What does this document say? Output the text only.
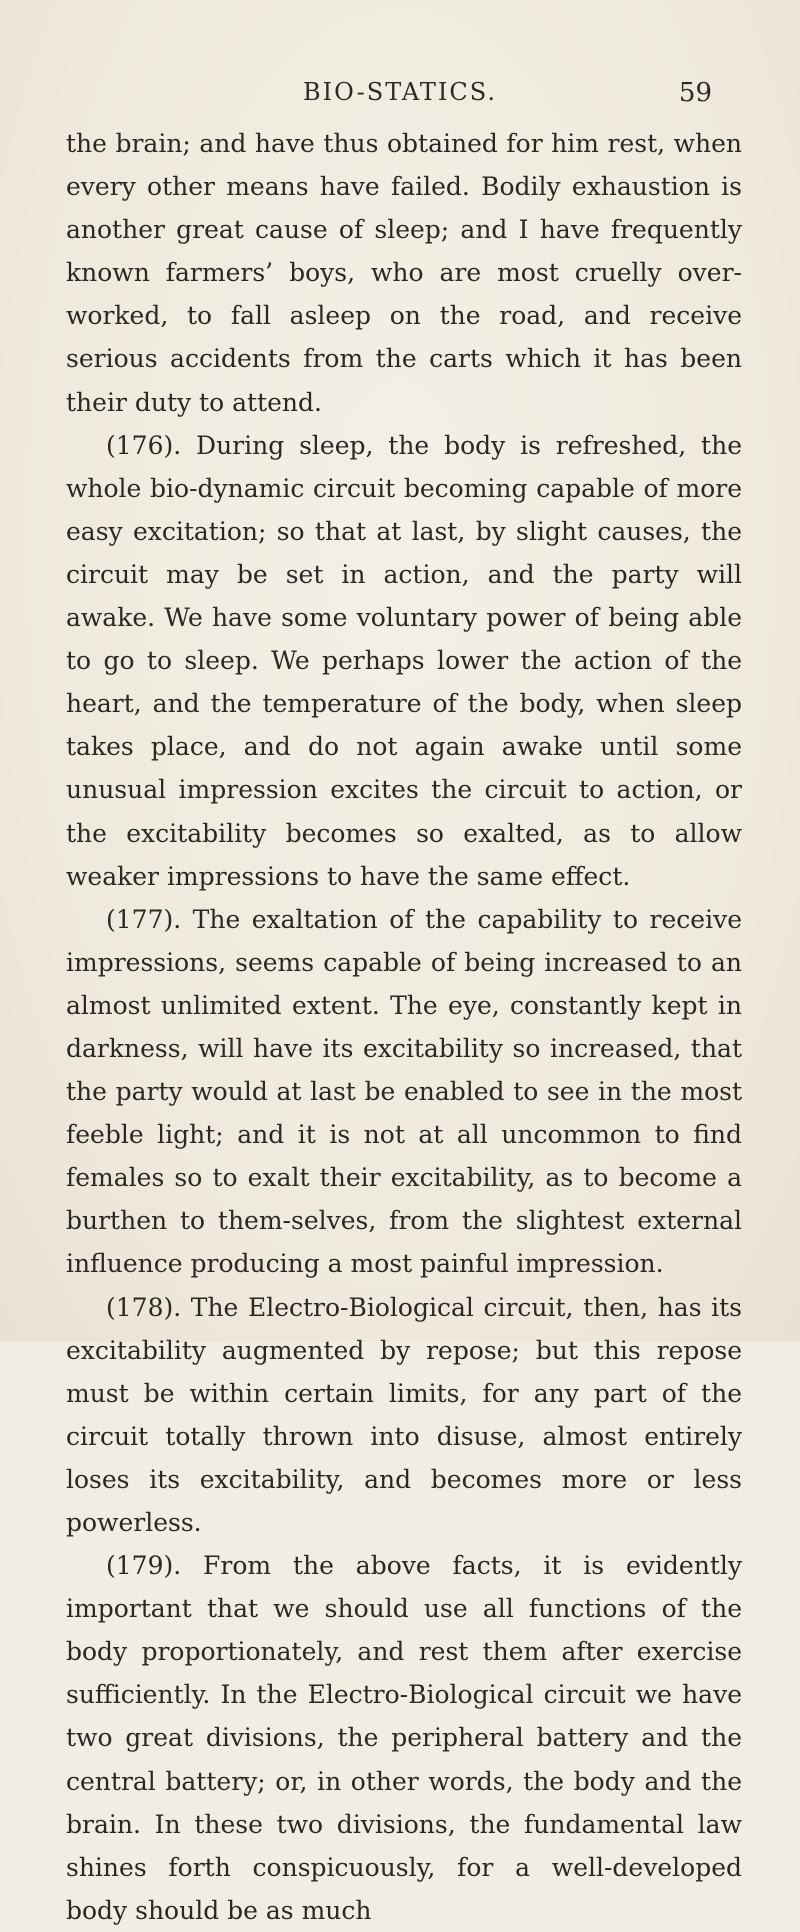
BIO-STATICS.	59

the brain; and have thus obtained for him rest, when every other means have failed. Bodily exhaustion is another great cause of sleep; and I have frequently known farmers’ boys, who are most cruelly over-worked, to fall asleep on the road, and receive serious accidents from the carts which it has been their duty to attend.

(176). During sleep, the body is refreshed, the whole bio-dynamic circuit becoming capable of more easy excitation; so that at last, by slight causes, the circuit may be set in action, and the party will awake. We have some voluntary power of being able to go to sleep. We perhaps lower the action of the heart, and the temperature of the body, when sleep takes place, and do not again awake until some unusual impression excites the circuit to action, or the excitability becomes so exalted, as to allow weaker impressions to have the same effect.

(177). The exaltation of the capability to receive impressions, seems capable of being increased to an almost unlimited extent. The eye, constantly kept in darkness, will have its excitability so increased, that the party would at last be enabled to see in the most feeble light; and it is not at all uncommon to find females so to exalt their excitability, as to become a burthen to them-selves, from the slightest external influence producing a most painful impression.

(178). The Electro-Biological circuit, then, has its excitability augmented by repose; but this repose must be within certain limits, for any part of the circuit totally thrown into disuse, almost entirely loses its excitability, and becomes more or less powerless.

(179). From the above facts, it is evidently important that we should use all functions of the body proportionately, and rest them after exercise sufficiently. In the Electro-Biological circuit we have two great divisions, the peripheral battery and the central battery; or, in other words, the body and the brain. In these two divisions, the fundamental law shines forth conspicuously, for a well-developed body should be as much
